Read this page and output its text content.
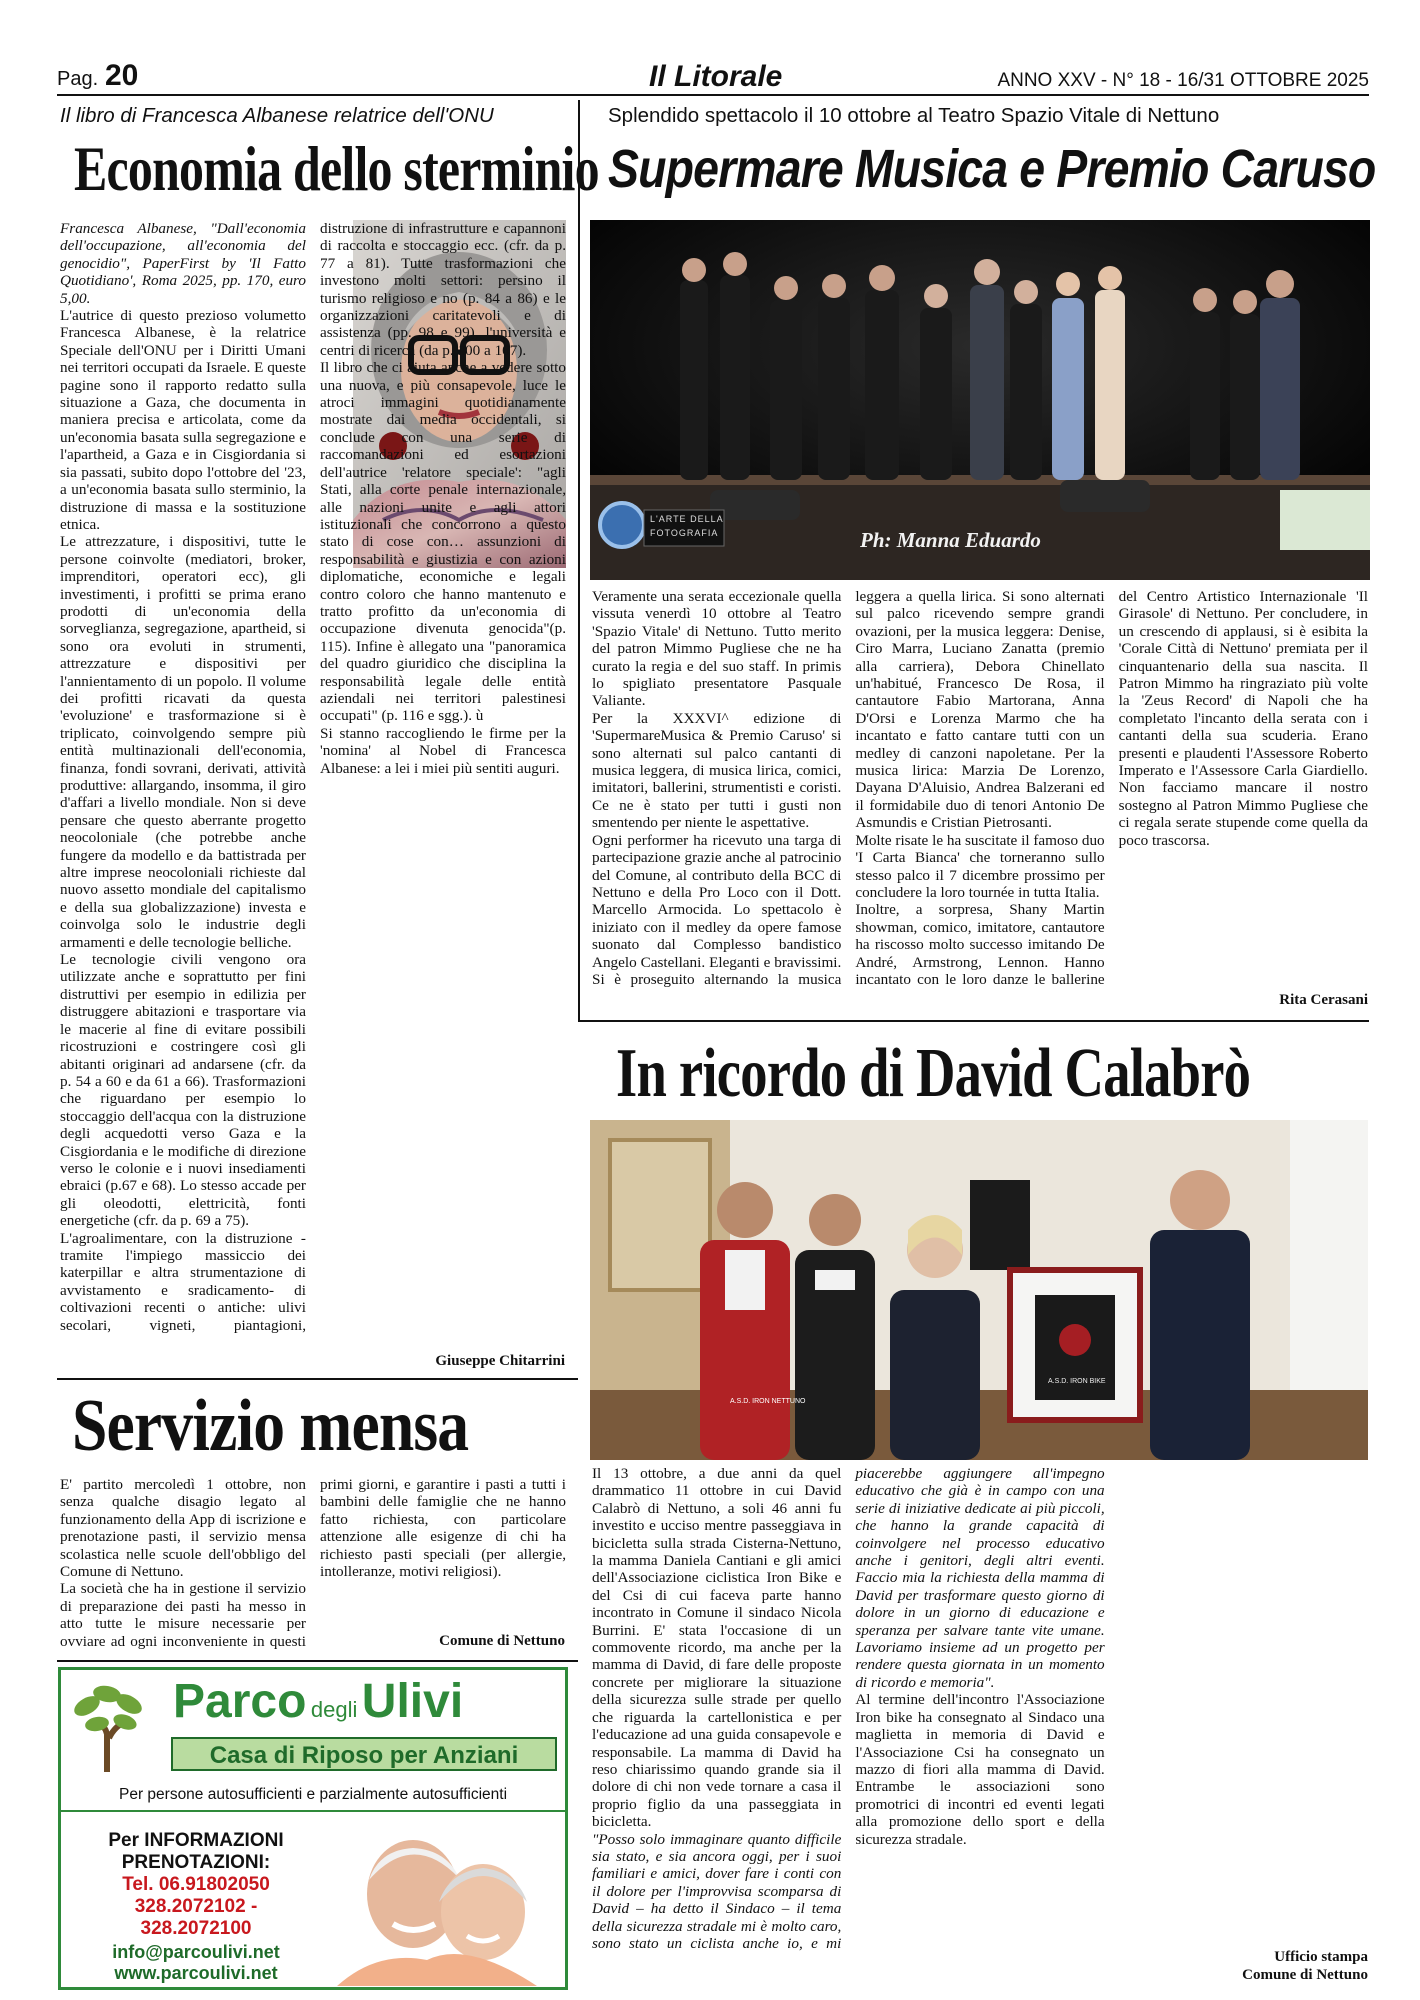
Pag. 20	Il Litorale	ANNO XXV - N° 18 - 16/31 OTTOBRE 2025
Il libro di Francesca Albanese relatrice dell'ONU
Economia dello sterminio

Francesca Albanese, "Dall'economia dell'occupazione, all'economia del genocidio", PaperFirst by 'Il Fatto Quotidiano', Roma 2025, pp. 170, euro 5,00.

L'autrice di questo prezioso volumetto Francesca Albanese, è la relatrice Speciale dell'ONU per i Diritti Umani nei territori occupati da Israele. E queste pagine sono il rapporto redatto sulla situazione a Gaza, che documenta in maniera precisa e articolata, come da un'economia basata sulla segregazione e l'apartheid, a Gaza e in Cisgiordania si sia passati, subito dopo l'ottobre del '23, a un'economia basata sullo sterminio, la distruzione di massa e la sostituzione etnica.

Le attrezzature, i dispositivi, tutte le persone coinvolte (mediatori, broker, imprenditori, operatori ecc), gli investimenti, i profitti se prima erano prodotti di un'economia della sorveglianza, segregazione, apartheid, si sono ora evoluti in strumenti, attrezzature e dispositivi per l'annientamento di un popolo. Il volume dei profitti ricavati da questa 'evoluzione' e trasformazione si è triplicato, coinvolgendo sempre più entità multinazionali dell'economia, finanza, fondi sovrani, derivati, attività produttive: allargando, insomma, il giro d'affari a livello mondiale. Non si deve pensare che questo aberrante progetto neocoloniale (che potrebbe anche fungere da modello e da battistrada per altre imprese neocoloniali richieste dal nuovo assetto mondiale del capitalismo e della sua globalizzazione) investa e coinvolga solo le industrie degli armamenti e delle tecnologie belliche.

Le tecnologie civili vengono ora utilizzate anche e soprattutto per fini distruttivi per esempio in edilizia per distruggere abitazioni e trasportare via le macerie al fine di evitare possibili ricostruzioni e costringere così gli abitanti originari ad andarsene (cfr. da p. 54 a 60 e da 61 a 66). Trasformazioni che riguardano per esempio lo stoccaggio dell'acqua con la distruzione degli acquedotti verso Gaza e la Cisgiordania e le modifiche di direzione verso le colonie e i nuovi insediamenti ebraici (p.67 e 68). Lo stesso accade per gli oleodotti, elettricità, fonti energetiche (cfr. da p. 69 a 75).

L'agroalimentare, con la distruzione -tramite l'impiego massiccio dei katerpillar e altra strumentazione di avvistamento e sradicamento- di coltivazioni recenti o antiche: ulivi secolari, vigneti, piantagioni, distruzione di infrastrutture e capannoni di raccolta e stoccaggio ecc. (cfr. da p. 77 a 81). Tutte trasformazioni che investono molti settori: persino il turismo religioso e no (p. 84 a 86) e le organizzazioni caritatevoli e di assistenza (pp. 98 e 99), l'università e centri di ricerca (da p. 100 a 107).

Il libro che ci aiuta anche a vedere sotto una nuova, e più consapevole, luce le atroci immagini quotidianamente mostrate dai media occidentali, si conclude con una serie di raccomandazioni ed esortazioni dell'autrice 'relatore speciale': "agli Stati, alla corte penale internazionale, alle nazioni unite e agli attori istituzionali che concorrono a questo stato di cose con… assunzioni di responsabilità e giustizia e con azioni diplomatiche, economiche e legali contro coloro che hanno mantenuto e tratto profitto da un'economia di occupazione divenuta genocida"(p. 115). Infine è allegato una "panoramica del quadro giuridico che disciplina la responsabilità legale delle entità aziendali nei territori palestinesi occupati" (p. 116 e sgg.). ù

Si stanno raccogliendo le firme per la 'nomina' al Nobel di Francesca Albanese: a lei i miei più sentiti auguri.

Giuseppe Chitarrini
Splendido spettacolo il 10 ottobre al Teatro Spazio Vitale di Nettuno
Supermare Musica e Premio Caruso
L'ARTE DELLA
FOTOGRAFIA	Ph: Manna Eduardo

Veramente una serata eccezionale quella vissuta venerdì 10 ottobre al Teatro 'Spazio Vitale' di Nettuno. Tutto merito del patron Mimmo Pugliese che ne ha curato la regia e del suo staff. In primis lo spigliato presentatore Pasquale Valiante.

Per la XXXVI^ edizione di 'SupermareMusica & Premio Caruso' si sono alternati sul palco cantanti di musica leggera, di musica lirica, comici, imitatori, ballerini, strumentisti e coristi. Ce ne è stato per tutti i gusti non smentendo per niente le aspettative.

Ogni performer ha ricevuto una targa di partecipazione grazie anche al patrocinio del Comune, al contributo della BCC di Nettuno e della Pro Loco con il Dott. Marcello Armocida. Lo spettacolo è iniziato con il medley da opere famose suonato dal Complesso bandistico Angelo Castellani. Eleganti e bravissimi. Si è proseguito alternando la musica leggera a quella lirica. Si sono alternati sul palco ricevendo sempre grandi ovazioni, per la musica leggera: Denise, Ciro Marra, Luciano Zanatta (premio alla carriera), Debora Chinellato un'habitué, Francesco De Rosa, il cantautore Fabio Martorana, Anna D'Orsi e Lorenza Marmo che ha incantato e fatto cantare tutti con un medley di canzoni napoletane. Per la musica lirica: Marzia De Lorenzo, Dayana D'Aluisio, Andrea Balzerani ed il formidabile duo di tenori Antonio De Asmundis e Cristian Pietrosanti.

Molte risate le ha suscitate il famoso duo 'I Carta Bianca' che torneranno sullo stesso palco il 7 dicembre prossimo per concludere la loro tournée in tutta Italia.

Inoltre, a sorpresa, Shany Martin showman, comico, imitatore, cantautore ha riscosso molto successo imitando De André, Armstrong, Lennon. Hanno incantato con le loro danze le ballerine del Centro Artistico Internazionale 'Il Girasole' di Nettuno. Per concludere, in un crescendo di applausi, si è esibita la 'Corale Città di Nettuno' premiata per il cinquantenario della sua nascita. Il Patron Mimmo ha ringraziato più volte la 'Zeus Record' di Napoli che ha completato l'incanto della serata con i cantanti della sua scuderia. Erano presenti e plaudenti l'Assessore Roberto Imperato e l'Assessore Carla Giardiello. Non facciamo mancare il nostro sostegno al Patron Mimmo Pugliese che ci regala serate stupende come quella da poco trascorsa.

Rita Cerasani
In ricordo di David Calabrò
A.S.D. IRON BIKE
A.S.D. IRON NETTUNO

Il 13 ottobre, a due anni da quel drammatico 11 ottobre in cui David Calabrò di Nettuno, a soli 46 anni fu investito e ucciso mentre passeggiava in bicicletta sulla strada Cisterna-Nettuno, la mamma Daniela Cantiani e gli amici dell'Associazione ciclistica Iron Bike e del Csi di cui faceva parte hanno incontrato in Comune il sindaco Nicola Burrini. E' stata l'occasione di un commovente ricordo, ma anche per la mamma di David, di fare delle proposte concrete per migliorare la situazione della sicurezza sulle strade per quello che riguarda la cartellonistica e per l'educazione ad una guida consapevole e responsabile. La mamma di David ha reso chiarissimo quando grande sia il dolore di chi non vede tornare a casa il proprio figlio da una passeggiata in bicicletta.

"Posso solo immaginare quanto difficile sia stato, e sia ancora oggi, per i suoi familiari e amici, dover fare i conti con il dolore per l'improvvisa scomparsa di David – ha detto il Sindaco – il tema della sicurezza stradale mi è molto caro, sono stato un ciclista anche io, e mi piacerebbe aggiungere all'impegno educativo che già è in campo con una serie di iniziative dedicate ai più piccoli, che hanno la grande capacità di coinvolgere nel processo educativo anche i genitori, degli altri eventi. Faccio mia la richiesta della mamma di David per trasformare questo giorno di dolore in un giorno di educazione e speranza per salvare tante vite umane. Lavoriamo insieme ad un progetto per rendere questa giornata in un momento di ricordo e memoria".

Al termine dell'incontro l'Associazione Iron bike ha consegnato al Sindaco una maglietta in memoria di David e l'Associazione Csi ha consegnato un mazzo di fiori alla mamma di David. Entrambe le associazioni sono promotrici di incontri ed eventi legati alla promozione dello sport e della sicurezza stradale.

Ufficio stampa
Comune di Nettuno
Servizio mensa

E' partito mercoledì 1 ottobre, non senza qualche disagio legato al funzionamento della App di iscrizione e prenotazione pasti, il servizio mensa scolastica nelle scuole dell'obbligo del Comune di Nettuno.

La società che ha in gestione il servizio di preparazione dei pasti ha messo in atto tutte le misure necessarie per ovviare ad ogni inconveniente in questi primi giorni, e garantire i pasti a tutti i bambini delle famiglie che ne hanno fatto richiesta, con particolare attenzione alle esigenze di chi ha richiesto pasti speciali (per allergie, intolleranze, motivi religiosi).

Comune di Nettuno
Parco degli Ulivi
Casa di Riposo per Anziani
Per persone autosufficienti e parzialmente autosufficienti
Per INFORMAZIONI
PRENOTAZIONI:
Tel. 06.91802050
328.2072102 - 328.2072100
info@parcoulivi.net
www.parcoulivi.net
